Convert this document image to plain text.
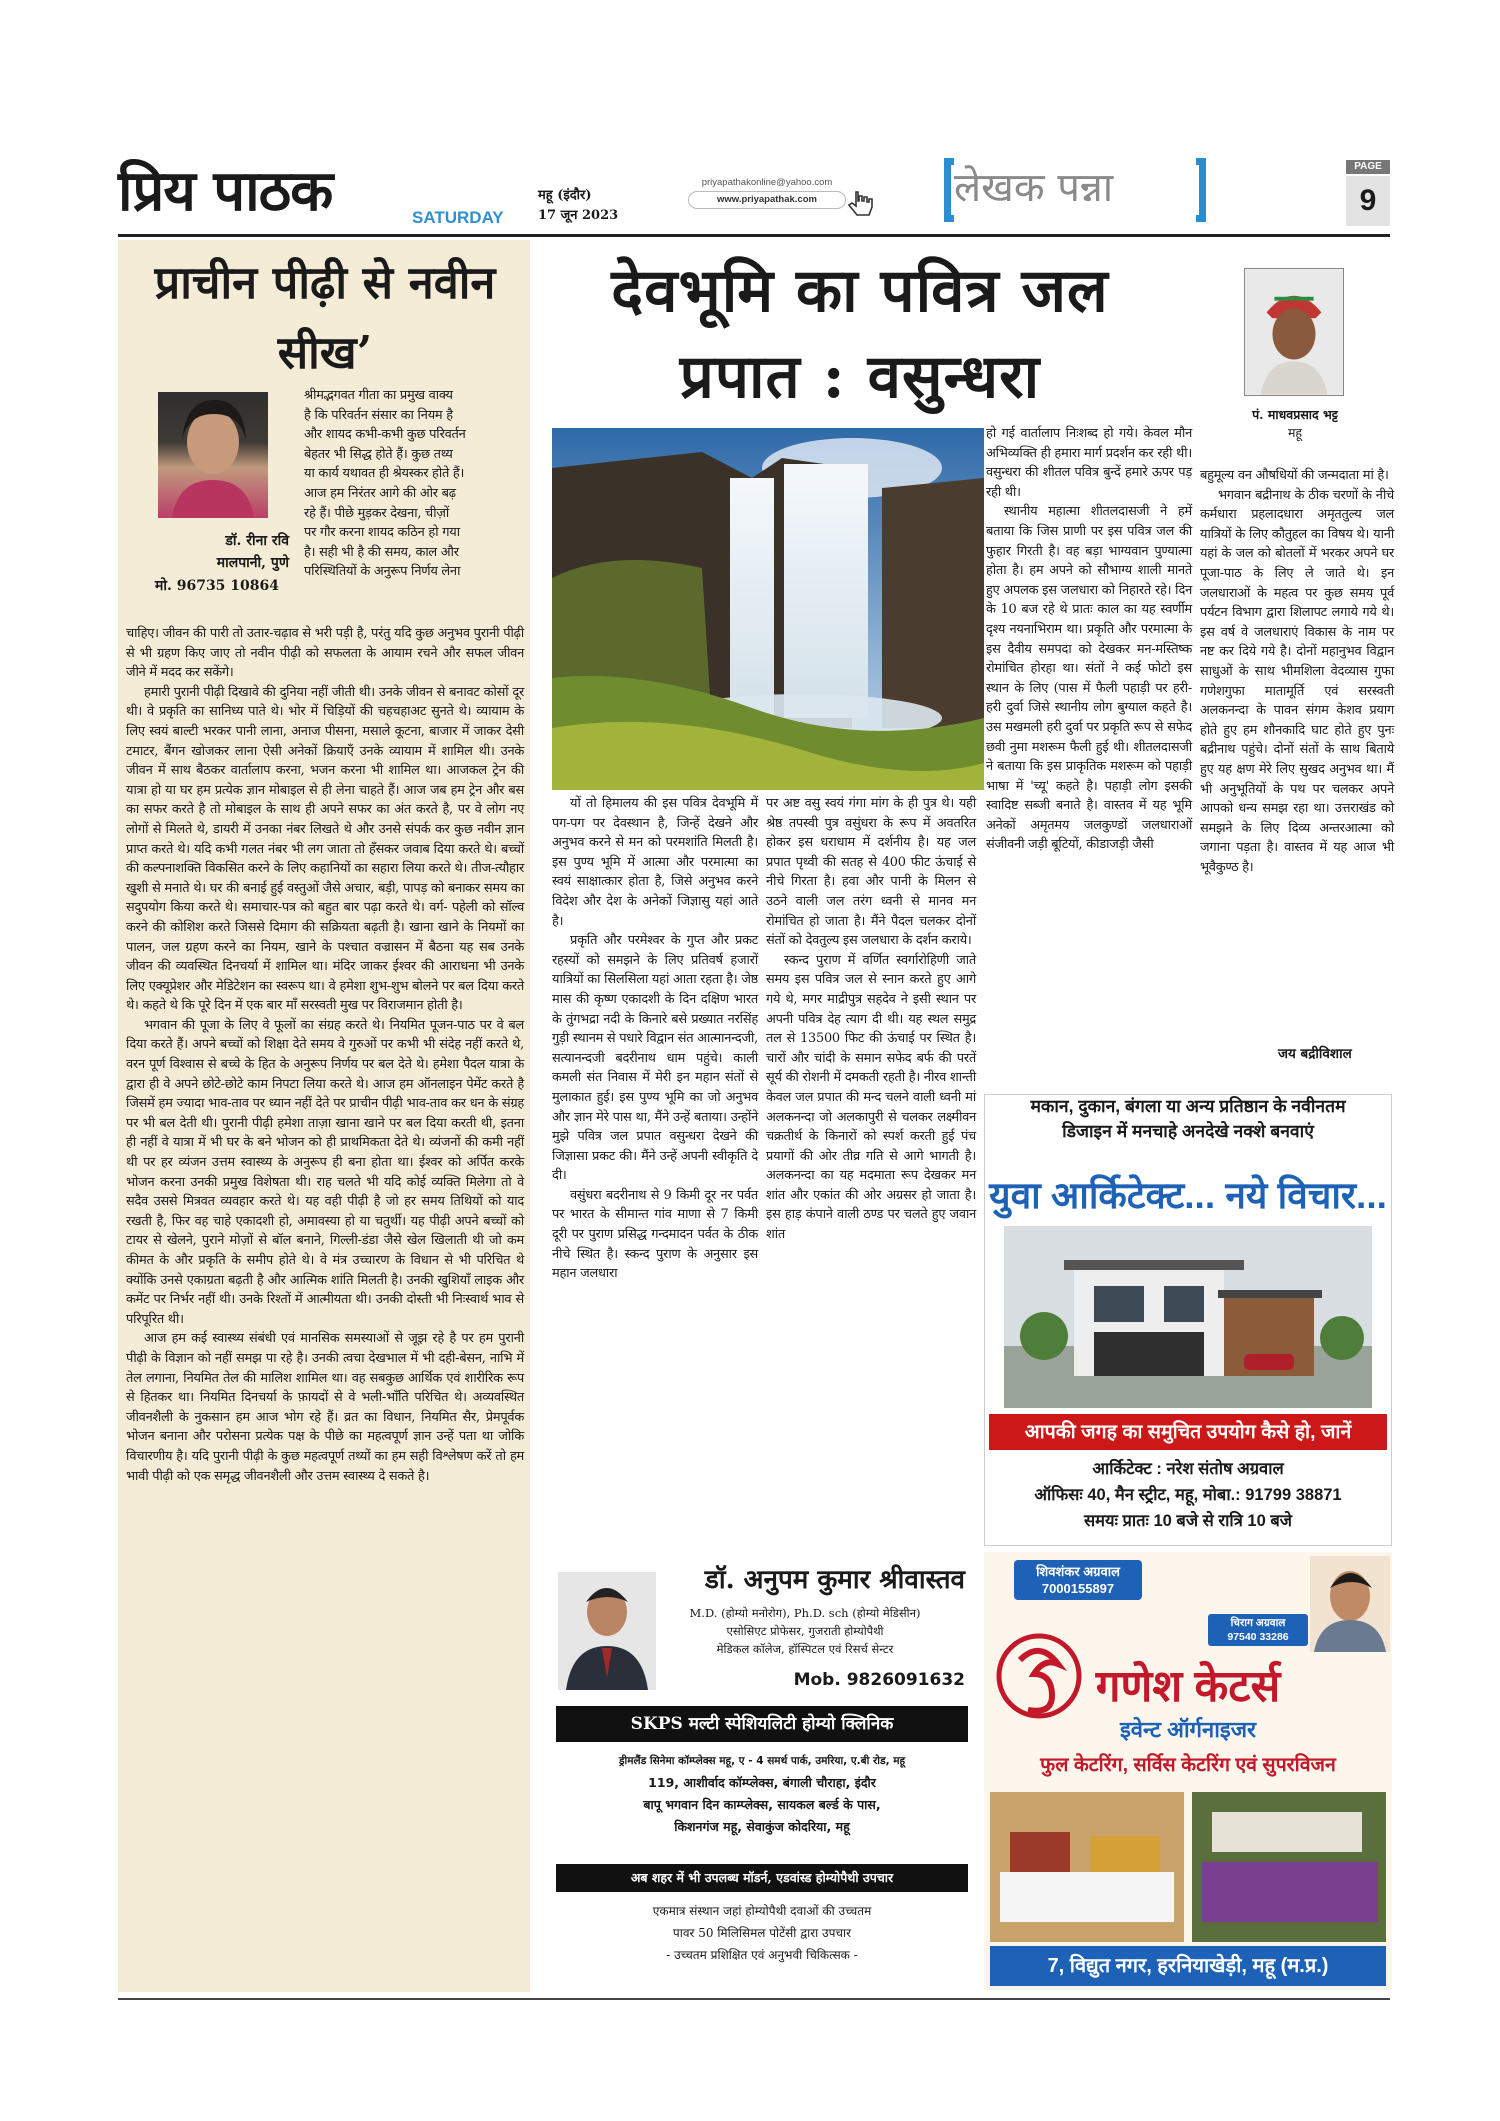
प्रिय पाठक	SATURDAY
महू (इंदौर)
17 जून 2023
priyapathakonline@yahoo.com
www.priyapathak.com	लेखक पन्ना	PAGE
9
प्राचीन पीढ़ी से नवीन सीख’
डॉ. रीना रवि
मालपानी, पुणे
मो. 96735 10864

श्रीमद्भगवत गीता का प्रमुख वाक्य

है कि परिवर्तन संसार का नियम है

और शायद कभी-कभी कुछ परिवर्तन

बेहतर भी सिद्ध होते हैं। कुछ तथ्य

या कार्य यथावत ही श्रेयस्कर होते हैं।

आज हम निरंतर आगे की ओर बढ़

रहे हैं। पीछे मुड़कर देखना, चीज़ों

पर गौर करना शायद कठिन हो गया

है। सही भी है की समय, काल और

परिस्थितियों के अनुरूप निर्णय लेना

चाहिए। जीवन की पारी तो उतार-चढ़ाव से भरी पड़ी है, परंतु यदि कुछ अनुभव पुरानी पीढ़ी से भी ग्रहण किए जाए तो नवीन पीढ़ी को सफलता के आयाम रचने और सफल जीवन जीने में मदद कर सकेंगे।

हमारी पुरानी पीढ़ी दिखावे की दुनिया नहीं जीती थी। उनके जीवन से बनावट कोसों दूर थी। वे प्रकृति का सानिध्य पाते थे। भोर में चिड़ियों की चहचहाअट सुनते थे। व्यायाम के लिए स्वयं बाल्टी भरकर पानी लाना, अनाज पीसना, मसाले कूटना, बाजार में जाकर देसी टमाटर, बैंगन खोजकर लाना ऐसी अनेकों क्रियाएँ उनके व्यायाम में शामिल थी। उनके जीवन में साथ बैठकर वार्तालाप करना, भजन करना भी शामिल था। आजकल ट्रेन की यात्रा हो या घर हम प्रत्येक ज्ञान मोबाइल से ही लेना चाहते हैं। आज जब हम ट्रेन और बस का सफर करते है तो मोबाइल के साथ ही अपने सफर का अंत करते है, पर वे लोग नए लोगों से मिलते थे, डायरी में उनका नंबर लिखते थे और उनसे संपर्क कर कुछ नवीन ज्ञान प्राप्त करते थे। यदि कभी गलत नंबर भी लग जाता तो हँसकर जवाब दिया करते थे। बच्चों की कल्पनाशक्ति विकसित करने के लिए कहानियों का सहारा लिया करते थे। तीज-त्यौहार खुशी से मनाते थे। घर की बनाई हुई वस्तुओं जैसे अचार, बड़ी, पापड़ को बनाकर समय का सदुपयोग किया करते थे। समाचार-पत्र को बहुत बार पढ़ा करते थे। वर्ग- पहेली को सॉल्व करने की कोशिश करते जिससे दिमाग की सक्रियता बढ़ती है। खाना खाने के नियमों का पालन, जल ग्रहण करने का नियम, खाने के पश्चात वज्रासन में बैठना यह सब उनके जीवन की व्यवस्थित दिनचर्या में शामिल था। मंदिर जाकर ईश्वर की आराधना भी उनके लिए एक्यूप्रेशर और मेडिटेशन का स्वरूप था। वे हमेशा शुभ-शुभ बोलने पर बल दिया करते थे। कहते थे कि पूरे दिन में एक बार माँ सरस्वती मुख पर विराजमान होती है।

भगवान की पूजा के लिए वे फूलों का संग्रह करते थे। नियमित पूजन-पाठ पर वे बल दिया करते हैं। अपने बच्चों को शिक्षा देते समय वे गुरुओं पर कभी भी संदेह नहीं करते थे, वरन पूर्ण विश्वास से बच्चे के हित के अनुरूप निर्णय पर बल देते थे। हमेशा पैदल यात्रा के द्वारा ही वे अपने छोटे-छोटे काम निपटा लिया करते थे। आज हम ऑनलाइन पेमेंट करते है जिसमें हम ज्यादा भाव-ताव पर ध्यान नहीं देते पर प्राचीन पीढ़ी भाव-ताव कर धन के संग्रह पर भी बल देती थी। पुरानी पीढ़ी हमेशा ताज़ा खाना खाने पर बल दिया करती थी, इतना ही नहीं वे यात्रा में भी घर के बने भोजन को ही प्राथमिकता देते थे। व्यंजनों की कमी नहीं थी पर हर व्यंजन उत्तम स्वास्थ्य के अनुरूप ही बना होता था। ईश्वर को अर्पित करके भोजन करना उनकी प्रमुख विशेषता थी। राह चलते भी यदि कोई व्यक्ति मिलेगा तो वे सदैव उससे मित्रवत व्यवहार करते थे। यह वही पीढ़ी है जो हर समय तिथियों को याद रखती है, फिर वह चाहे एकादशी हो, अमावस्या हो या चतुर्थी। यह पीढ़ी अपने बच्चों को टायर से खेलने, पुराने मोज़ों से बॉल बनाने, गिल्ली-डंडा जैसे खेल खिलाती थी जो कम कीमत के और प्रकृति के समीप होते थे। वे मंत्र उच्चारण के विधान से भी परिचित थे क्योंकि उनसे एकाग्रता बढ़ती है और आत्मिक शांति मिलती है। उनकी खुशियाँ लाइक और कमेंट पर निर्भर नहीं थी। उनके रिश्तों में आत्मीयता थी। उनकी दोस्ती भी निःस्वार्थ भाव से परिपूरित थी।

आज हम कई स्वास्थ्य संबंधी एवं मानसिक समस्याओं से जूझ रहे है पर हम पुरानी पीढ़ी के विज्ञान को नहीं समझ पा रहे है। उनकी त्वचा देखभाल में भी दही-बेसन, नाभि में तेल लगाना, नियमित तेल की मालिश शामिल था। वह सबकुछ आर्थिक एवं शारीरिक रूप से हितकर था। नियमित दिनचर्या के फ़ायदों से वे भली-भाँति परिचित थे। अव्यवस्थित जीवनशैली के नुकसान हम आज भोग रहे हैं। व्रत का विधान, नियमित सैर, प्रेमपूर्वक भोजन बनाना और परोसना प्रत्येक पक्ष के पीछे का महत्वपूर्ण ज्ञान उन्हें पता था जोकि विचारणीय है। यदि पुरानी पीढ़ी के कुछ महत्वपूर्ण तथ्यों का हम सही विश्लेषण करें तो हम भावी पीढ़ी को एक समृद्ध जीवनशैली और उत्तम स्वास्थ्य दे सकते है।

देवभूमि का पवित्र जल
प्रपात : वसुन्धरा

यों तो हिमालय की इस पवित्र देवभूमि में पग-पग पर देवस्थान है, जिन्हें देखने और अनुभव करने से मन को परमशांति मिलती है। इस पुण्य भूमि में आत्मा और परमात्मा का स्वयं साक्षात्कार होता है, जिसे अनुभव करने विदेश और देश के अनेकों जिज्ञासु यहां आते है।

प्रकृति और परमेश्वर के गुप्त और प्रकट रहस्यों को समझने के लिए प्रतिवर्ष हजारों यात्रियों का सिलसिला यहां आता रहता है। जेष्ठ मास की कृष्ण एकादशी के दिन दक्षिण भारत के तुंगभद्रा नदी के किनारे बसे प्रख्यात नरसिंह गुड़ी स्थानम से पधारे विद्वान संत आत्मानन्दजी, सत्यानन्दजी बदरीनाथ धाम पहुंचे। काली कमली संत निवास में मेरी इन महान संतों से मुलाकात हुई। इस पुण्य भूमि का जो अनुभव और ज्ञान मेरे पास था, मैंने उन्हें बताया। उन्होंने मुझे पवित्र जल प्रपात वसुन्धरा देखने की जिज्ञासा प्रकट की। मैंने उन्हें अपनी स्वीकृति दे दी।

वसुंधरा बदरीनाथ से 9 किमी दूर नर पर्वत पर भारत के सीमान्त गांव माणा से 7 किमी दूरी पर पुराण प्रसिद्ध गन्दमादन पर्वत के ठीक नीचे स्थित है। स्कन्द पुराण के अनुसार इस महान जलधारा

पर अष्ट वसु स्वयं गंगा मांग के ही पुत्र थे। यही श्रेष्ठ तपस्वी पुत्र वसुंधरा के रूप में अवतरित होकर इस धराधाम में दर्शनीय है। यह जल प्रपात पृथ्वी की सतह से 400 फीट ऊंचाई से नीचे गिरता है। हवा और पानी के मिलन से उठने वाली जल तरंग ध्वनी से मानव मन रोमांचित हो जाता है। मैंने पैदल चलकर दोनों संतों को देवतुल्य इस जलधारा के दर्शन कराये।

स्कन्द पुराण में वर्णित स्वर्गारोहिणी जाते समय इस पवित्र जल से स्नान करते हुए आगे गये थे, मगर माद्रीपुत्र सहदेव ने इसी स्थान पर अपनी पवित्र देह त्याग दी थी। यह स्थल समुद्र तल से 13500 फिट की ऊंचाई पर स्थित है। चारों और चांदी के समान सफेद बर्फ की परतें सूर्य की रोशनी में दमकती रहती है। नीरव शान्ती केवल जल प्रपात की मन्द चलने वाली ध्वनी मां अलकनन्दा जो अलकापुरी से चलकर लक्ष्मीवन चक्रतीर्थ के किनारों को स्पर्श करती हुई पंच प्रयागों की ओर तीव्र गति से आगे भागती है। अलकनन्दा का यह मदमाता रूप देखकर मन शांत और एकांत की ओर अग्रसर हो जाता है। इस हाड़ कंपाने वाली ठण्ड पर चलते हुए जवान शांत

हो गई वार्तालाप निःशब्द हो गये। केवल मौन अभिव्यक्ति ही हमारा मार्ग प्रदर्शन कर रही थी। वसुन्धरा की शीतल पवित्र बुन्दें हमारे ऊपर पड़ रही थी।

स्थानीय महात्मा शीतलदासजी ने हमें बताया कि जिस प्राणी पर इस पवित्र जल की फुहार गिरती है। वह बड़ा भाग्यवान पुण्यात्मा होता है। हम अपने को सौभाग्य शाली मानते हुए अपलक इस जलधारा को निहारते रहे। दिन के 10 बज रहे थे प्रातः काल का यह स्वर्णीम दृश्य नयनाभिराम था। प्रकृति और परमात्मा के इस दैवीय समपदा को देखकर मन-मस्तिष्क रोमांचित होरहा था। संतों ने कई फोटो इस स्थान के लिए (पास में फैली पहाड़ी पर हरी-हरी दुर्वा जिसे स्थानीय लोग बुग्याल कहते है। उस मखमली हरी दुर्वा पर प्रकृति रूप से सफेद छवी नुमा मशरूम फैली हुई थी। शीतलदासजी ने बताया कि इस प्राकृतिक मशरूम को पहाड़ी भाषा में 'च्यू' कहते है। पहाड़ी लोग इसकी स्वादिष्ट सब्जी बनाते है। वास्तव में यह भूमि अनेकों अमृतमय जलकुण्डों जलधाराओं संजीवनी जड़ी बूटियों, कीडाजड़ी जैसी

बहुमूल्य वन औषधियों की जन्मदाता मां है।

भगवान बद्रीनाथ के ठीक चरणों के नीचे कर्मधारा प्रहलादधारा अमृततुल्य जल यात्रियों के लिए कौतुहल का विषय थे। यानी यहां के जल को बोतलों में भरकर अपने घर पूजा-पाठ के लिए ले जाते थे। इन जलधाराओं के महत्व पर कुछ समय पूर्व पर्यटन विभाग द्वारा शिलापट लगाये गये थे। इस वर्ष वे जलधाराएं विकास के नाम पर नष्ट कर दिये गये है। दोनों महानुभव विद्वान साधुओं के साथ भीमशिला वेदव्यास गुफा गणेशगुफा मातामूर्ति एवं सरस्वती अलकनन्दा के पावन संगम केशव प्रयाग होते हुए हम शौनकादि घाट होते हुए पुनः बद्रीनाथ पहुंचे। दोनों संतों के साथ बिताये हुए यह क्षण मेरे लिए सुखद अनुभव था। मैं भी अनुभूतियों के पथ पर चलकर अपने आपको धन्य समझ रहा था। उत्तराखंड को समझने के लिए दिव्य अन्तरआत्मा को जगाना पड़ता है। वास्तव में यह आज भी भूवैकुण्ठ है।

पं. माधवप्रसाद भट्ट
महू
जय बद्रीविशाल
मकान, दुकान, बंगला या अन्य प्रतिष्ठान के नवीनतम
डिजाइन में मनचाहे अनदेखे नक्शे बनवाएं
युवा आर्किटेक्ट... नये विचार...
आपकी जगह का समुचित उपयोग कैसे हो, जानें
आर्किटेक्ट : नरेश संतोष अग्रवाल
ऑफिसः 40, मैन स्ट्रीट, महू, मोबा.: 91799 38871
समयः प्रातः 10 बजे से रात्रि 10 बजे
डॉ. अनुपम कुमार श्रीवास्तव
M.D. (होम्यो मनोरोग), Ph.D. sch (होम्यो मेडिसीन)
एसोसिएट प्रोफेसर, गुजराती होम्योपैथी
मेडिकल कॉलेज, हॉस्पिटल एवं रिसर्च सेन्टर
Mob. 9826091632
SKPS मल्टी स्पेशियलिटी होम्यो क्लिनिक
ड्रीमलैंड सिनेमा कॉम्प्लेक्स महू, ए - 4 समर्थ पार्क, उमरिया, ए.बी रोड, महू
119, आशीर्वाद कॉम्प्लेक्स, बंगाली चौराहा, इंदौर
बापू भगवान दिन काम्प्लेक्स, सायकल बर्ल्ड के पास,
किशनगंज महू, सेवाकुंज कोदरिया, महू
अब शहर में भी उपलब्ध मॉडर्न, एडवांस्ड होम्योपैथी उपचार
एकमात्र संस्थान जहां होम्योपैथी दवाओं की उच्चतम
पावर 50 मिलिसिमल पोटेंसी द्वारा उपचार
- उच्चतम प्रशिक्षित एवं अनुभवी चिकित्सक -
शिवशंकर अग्रवाल
7000155897
चिराग अग्रवाल
97540 33286
गणेश केटर्स
इवेन्ट ऑर्गनाइजर
फुल केटरिंग, सर्विस केटरिंग एवं सुपरविजन
7, विद्युत नगर, हरनियाखेड़ी, महू (म.प्र.)
